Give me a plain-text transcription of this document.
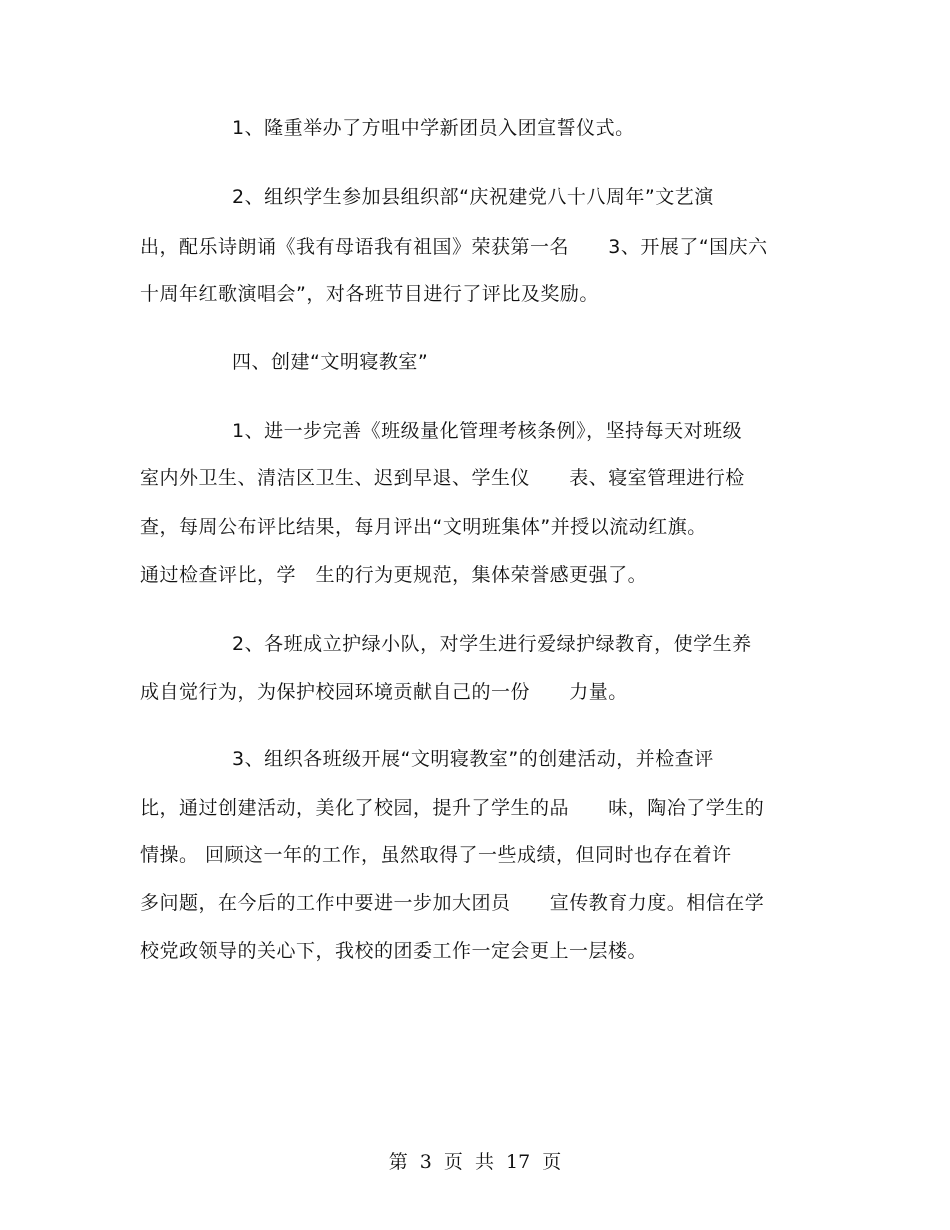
1、隆重举办了方咀中学新团员入团宣誓仪式。
2、组织学生参加县组织部“庆祝建党八十八周年”文艺演
出，配乐诗朗诵《我有母语我有祖国》荣获第一名      3、开展了“国庆六
十周年红歌演唱会”，对各班节目进行了评比及奖励。
四、创建“文明寝教室”
1、进一步完善《班级量化管理考核条例》，坚持每天对班级
室内外卫生、清洁区卫生、迟到早退、学生仪      表、寝室管理进行检
查，每周公布评比结果，每月评出“文明班集体”并授以流动红旗。
通过检查评比，学   生的行为更规范，集体荣誉感更强了。
2、各班成立护绿小队，对学生进行爱绿护绿教育，使学生养
成自觉行为，为保护校园环境贡献自己的一份      力量。
3、组织各班级开展“文明寝教室”的创建活动，并检查评
比，通过创建活动，美化了校园，提升了学生的品      味，陶冶了学生的
情操。 回顾这一年的工作，虽然取得了一些成绩，但同时也存在着许
多问题，在今后的工作中要进一步加大团员      宣传教育力度。相信在学
校党政领导的关心下，我校的团委工作一定会更上一层楼。
第 3 页 共 17 页
